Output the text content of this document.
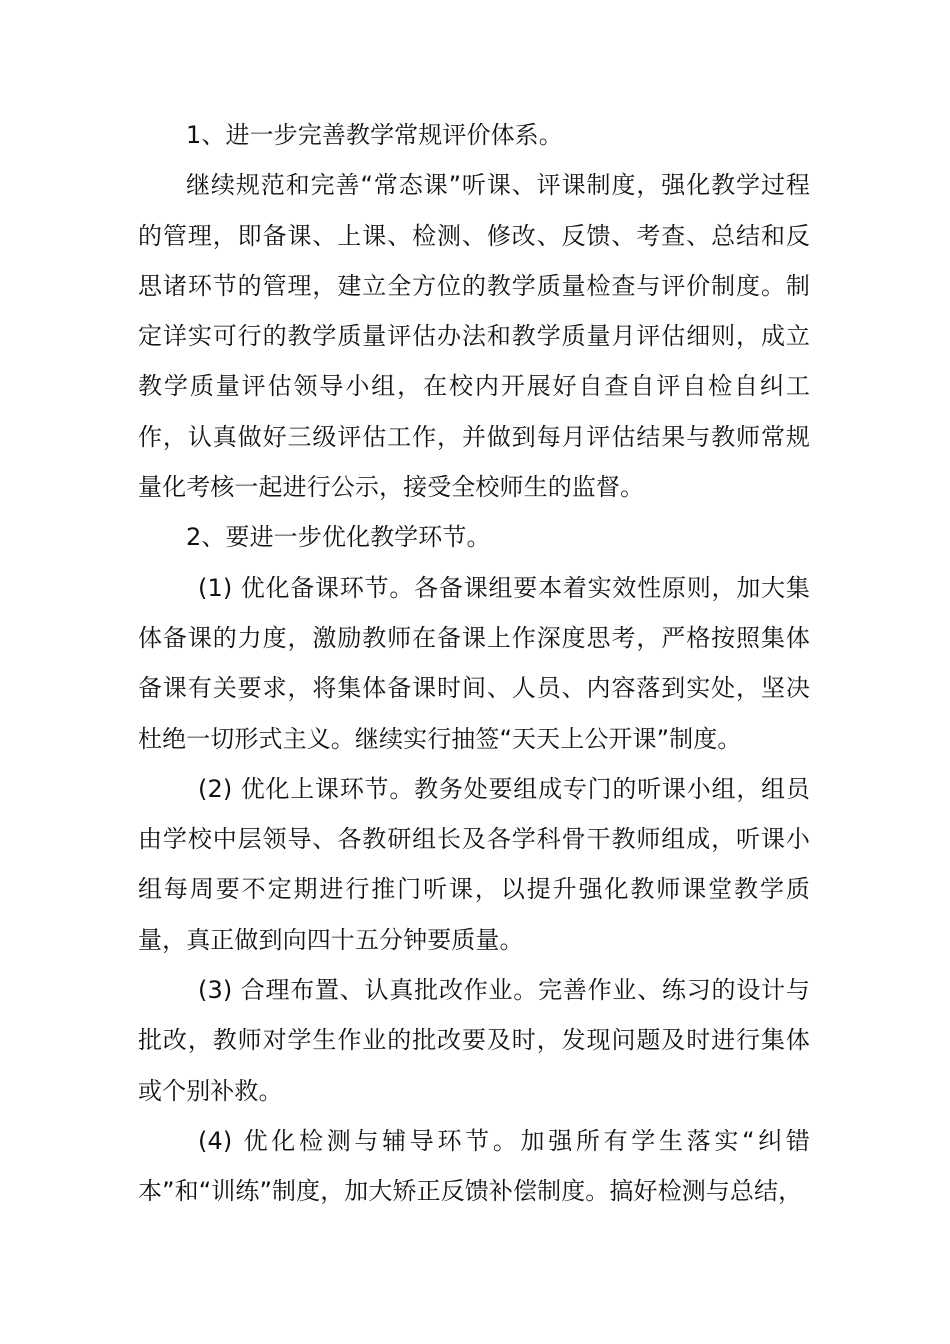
1、进一步完善教学常规评价体系。

继续规范和完善“常态课”听课、评课制度，强化教学过程的管理，即备课、上课、检测、修改、反馈、考查、总结和反思诸环节的管理，建立全方位的教学质量检查与评价制度。制定详实可行的教学质量评估办法和教学质量月评估细则，成立教学质量评估领导小组，在校内开展好自查自评自检自纠工作，认真做好三级评估工作，并做到每月评估结果与教师常规量化考核一起进行公示，接受全校师生的监督。

2、要进一步优化教学环节。

(1) 优化备课环节。各备课组要本着实效性原则，加大集体备课的力度，激励教师在备课上作深度思考，严格按照集体备课有关要求，将集体备课时间、人员、内容落到实处，坚决杜绝一切形式主义。继续实行抽签“天天上公开课”制度。

(2) 优化上课环节。教务处要组成专门的听课小组，组员由学校中层领导、各教研组长及各学科骨干教师组成，听课小组每周要不定期进行推门听课，以提升强化教师课堂教学质量，真正做到向四十五分钟要质量。

(3) 合理布置、认真批改作业。完善作业、练习的设计与批改，教师对学生作业的批改要及时，发现问题及时进行集体或个别补救。

(4) 优化检测与辅导环节。加强所有学生落实“纠错本”和“训练”制度，加大矫正反馈补偿制度。搞好检测与总结，
